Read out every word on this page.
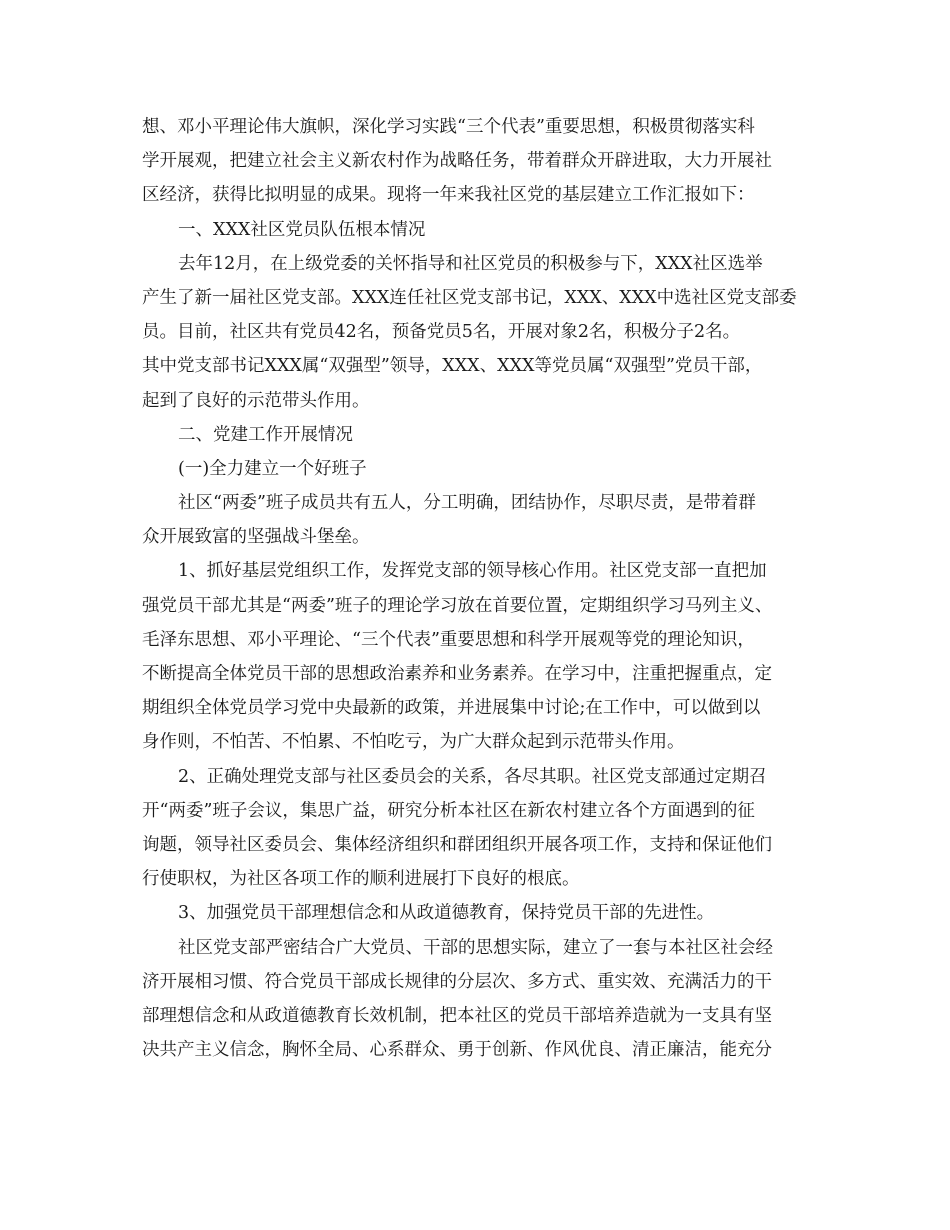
想、邓小平理论伟大旗帜，深化学习实践“三个代表”重要思想，积极贯彻落实科
学开展观，把建立社会主义新农村作为战略任务，带着群众开辟进取，大力开展社
区经济，获得比拟明显的成果。现将一年来我社区党的基层建立工作汇报如下：
一、XXX社区党员队伍根本情况
去年12月，在上级党委的关怀指导和社区党员的积极参与下，XXX社区选举
产生了新一届社区党支部。XXX连任社区党支部书记，XXX、XXX中选社区党支部委
员。目前，社区共有党员42名，预备党员5名，开展对象2名，积极分子2名。
其中党支部书记XXX属“双强型”领导，XXX、XXX等党员属“双强型”党员干部，
起到了良好的示范带头作用。
二、党建工作开展情况
(一)全力建立一个好班子
社区“两委”班子成员共有五人，分工明确，团结协作，尽职尽责，是带着群
众开展致富的坚强战斗堡垒。
1、抓好基层党组织工作，发挥党支部的领导核心作用。社区党支部一直把加
强党员干部尤其是“两委”班子的理论学习放在首要位置，定期组织学习马列主义、
毛泽东思想、邓小平理论、“三个代表”重要思想和科学开展观等党的理论知识，
不断提高全体党员干部的思想政治素养和业务素养。在学习中，注重把握重点，定
期组织全体党员学习党中央最新的政策，并进展集中讨论;在工作中，可以做到以
身作则，不怕苦、不怕累、不怕吃亏，为广大群众起到示范带头作用。
2、正确处理党支部与社区委员会的关系，各尽其职。社区党支部通过定期召
开“两委”班子会议，集思广益，研究分析本社区在新农村建立各个方面遇到的征
询题，领导社区委员会、集体经济组织和群团组织开展各项工作，支持和保证他们
行使职权，为社区各项工作的顺利进展打下良好的根底。
3、加强党员干部理想信念和从政道德教育，保持党员干部的先进性。
社区党支部严密结合广大党员、干部的思想实际，建立了一套与本社区社会经
济开展相习惯、符合党员干部成长规律的分层次、多方式、重实效、充满活力的干
部理想信念和从政道德教育长效机制，把本社区的党员干部培养造就为一支具有坚
决共产主义信念，胸怀全局、心系群众、勇于创新、作风优良、清正廉洁，能充分
